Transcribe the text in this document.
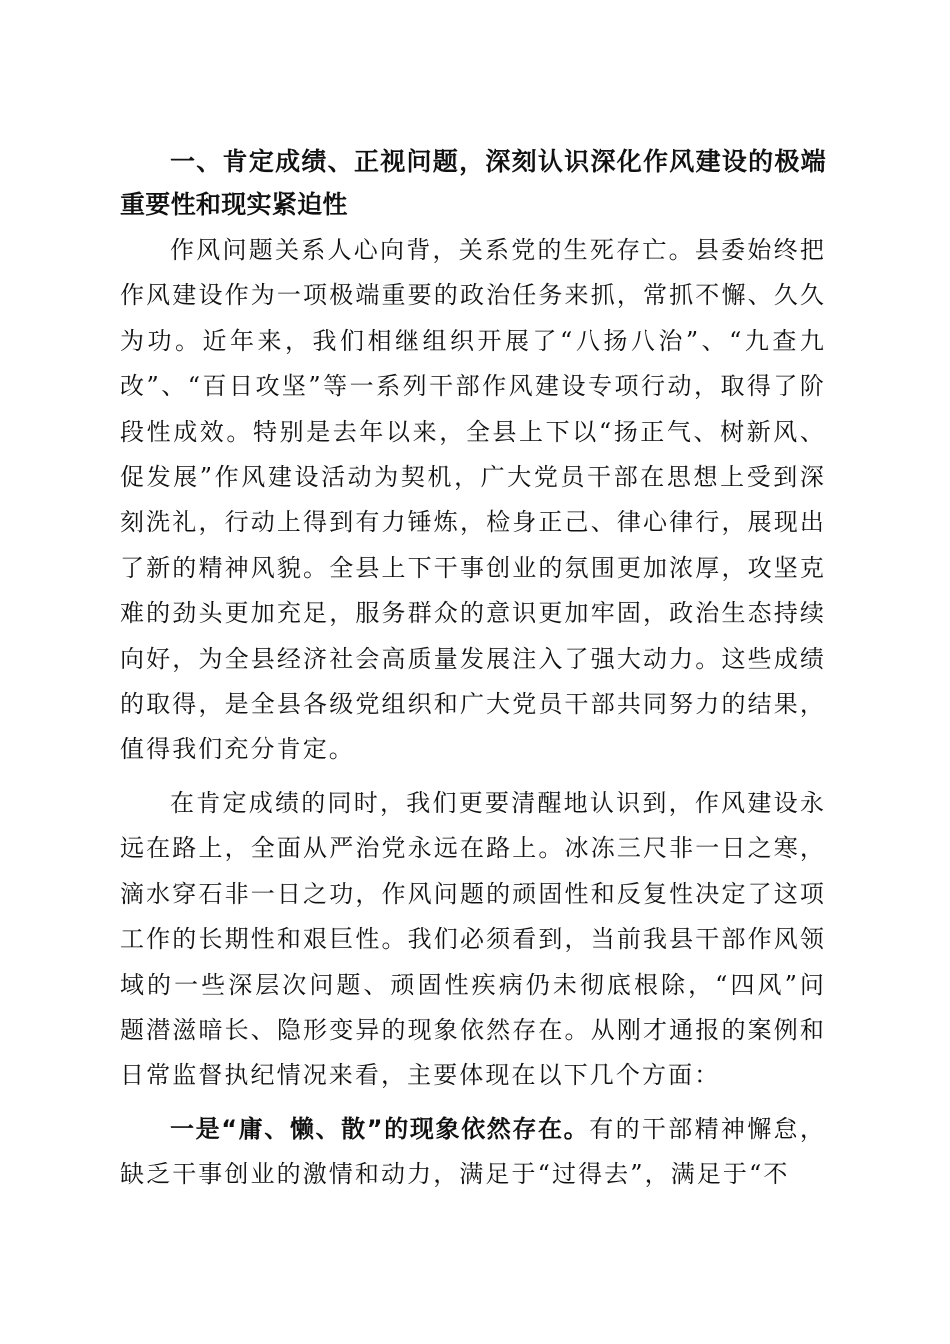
一、肯定成绩、正视问题，深刻认识深化作风建设的极端重要性和现实紧迫性

作风问题关系人心向背，关系党的生死存亡。县委始终把作风建设作为一项极端重要的政治任务来抓，常抓不懈、久久为功。近年来，我们相继组织开展了“八扬八治”、“九查九改”、“百日攻坚”等一系列干部作风建设专项行动，取得了阶段性成效。特别是去年以来，全县上下以“扬正气、树新风、促发展”作风建设活动为契机，广大党员干部在思想上受到深刻洗礼，行动上得到有力锤炼，检身正己、律心律行，展现出了新的精神风貌。全县上下干事创业的氛围更加浓厚，攻坚克难的劲头更加充足，服务群众的意识更加牢固，政治生态持续向好，为全县经济社会高质量发展注入了强大动力。这些成绩的取得，是全县各级党组织和广大党员干部共同努力的结果，值得我们充分肯定。

在肯定成绩的同时，我们更要清醒地认识到，作风建设永远在路上，全面从严治党永远在路上。冰冻三尺非一日之寒，滴水穿石非一日之功，作风问题的顽固性和反复性决定了这项工作的长期性和艰巨性。我们必须看到，当前我县干部作风领域的一些深层次问题、顽固性疾病仍未彻底根除，“四风”问题潜滋暗长、隐形变异的现象依然存在。从刚才通报的案例和日常监督执纪情况来看，主要体现在以下几个方面：

一是“庸、懒、散”的现象依然存在。有的干部精神懈怠，缺乏干事创业的激情和动力，满足于“过得去”，满足于“不
